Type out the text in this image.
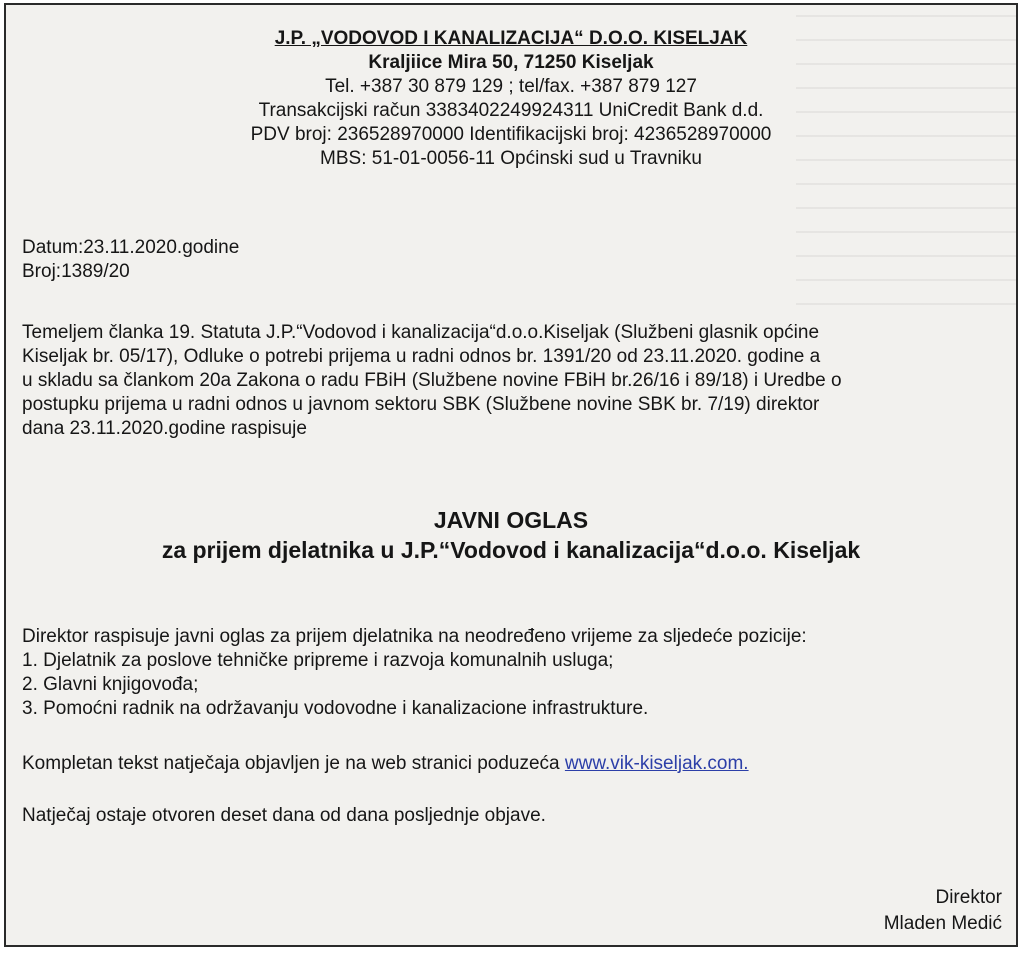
J.P. „VODOVOD I KANALIZACIJA“ D.O.O. KISELJAK
Kraljiice Mira 50, 71250 Kiseljak
Tel. +387 30 879 129 ; tel/fax. +387 879 127
Transakcijski račun 3383402249924311 UniCredit Bank d.d.
PDV broj: 236528970000 Identifikacijski broj: 4236528970000
MBS: 51-01-0056-11 Općinski sud u Travniku
Datum:23.11.2020.godine
Broj:1389/20
Temeljem članka 19. Statuta J.P.“Vodovod i kanalizacija“d.o.o.Kiseljak (Službeni glasnik općine
Kiseljak br. 05/17), Odluke o potrebi prijema u radni odnos br. 1391/20 od 23.11.2020. godine a
u skladu sa člankom 20a Zakona o radu FBiH (Službene novine FBiH br.26/16 i 89/18) i Uredbe o
postupku prijema u radni odnos u javnom sektoru SBK (Službene novine SBK br. 7/19) direktor
dana 23.11.2020.godine raspisuje
JAVNI OGLAS
za prijem djelatnika u J.P.“Vodovod i kanalizacija“d.o.o. Kiseljak
Direktor raspisuje javni oglas za prijem djelatnika na neodređeno vrijeme za sljedeće pozicije:
1. Djelatnik za poslove tehničke pripreme i razvoja komunalnih usluga;
2. Glavni knjigovođa;
3. Pomoćni radnik na održavanju vodovodne i kanalizacione infrastrukture.
Kompletan tekst natječaja objavljen je na web stranici poduzeća www.vik-kiseljak.com.
Natječaj ostaje otvoren deset dana od dana posljednje objave.
Direktor
Mladen Medić
